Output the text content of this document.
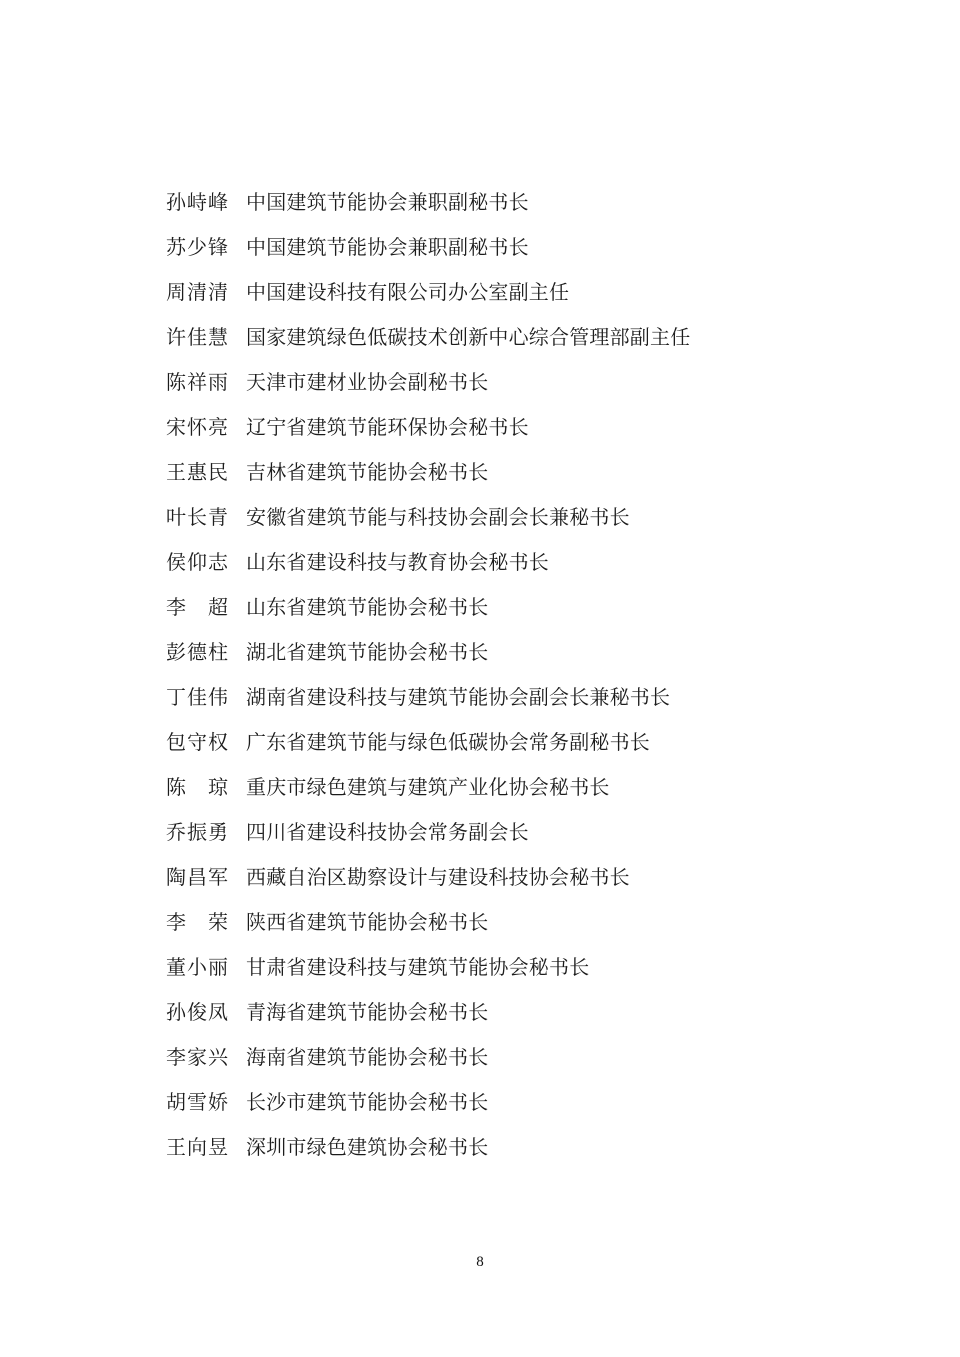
孙峙峰 中国建筑节能协会兼职副秘书长
苏少锋 中国建筑节能协会兼职副秘书长
周清清 中国建设科技有限公司办公室副主任
许佳慧 国家建筑绿色低碳技术创新中心综合管理部副主任
陈祥雨 天津市建材业协会副秘书长
宋怀亮 辽宁省建筑节能环保协会秘书长
王惠民 吉林省建筑节能协会秘书长
叶长青 安徽省建筑节能与科技协会副会长兼秘书长
侯仰志 山东省建设科技与教育协会秘书长
李　超 山东省建筑节能协会秘书长
彭德柱 湖北省建筑节能协会秘书长
丁佳伟 湖南省建设科技与建筑节能协会副会长兼秘书长
包守权 广东省建筑节能与绿色低碳协会常务副秘书长
陈　琼 重庆市绿色建筑与建筑产业化协会秘书长
乔振勇 四川省建设科技协会常务副会长
陶昌军 西藏自治区勘察设计与建设科技协会秘书长
李　荣 陕西省建筑节能协会秘书长
董小丽 甘肃省建设科技与建筑节能协会秘书长
孙俊凤 青海省建筑节能协会秘书长
李家兴 海南省建筑节能协会秘书长
胡雪娇 长沙市建筑节能协会秘书长
王向昱 深圳市绿色建筑协会秘书长
8
